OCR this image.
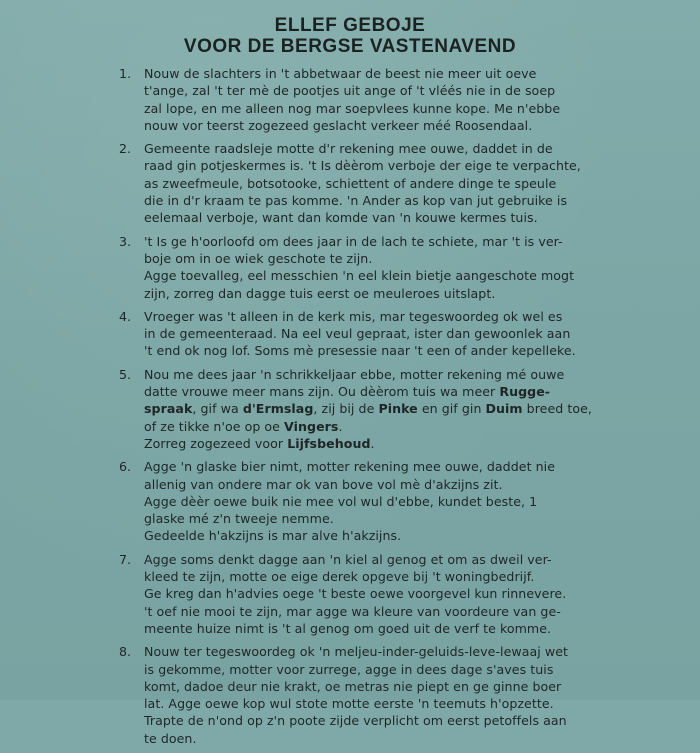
ELLEF GEBOJE
VOOR DE BERGSE VASTENAVEND
1. Nouw de slachters in 't abbetwaar de beest nie meer uit oeve
t'ange, zal 't ter mè de pootjes uit ange of 't vléés nie in de soep
zal lope, en me alleen nog mar soepvlees kunne kope. Me n'ebbe
nouw vor teerst zogezeed geslacht verkeer méé Roosendaal.
2. Gemeente raadsleje motte d'r rekening mee ouwe, daddet in de
raad gin potjeskermes is. 't Is dèèrom verboje der eige te verpachte,
as zweefmeule, botsotooke, schiettent of andere dinge te speule
die in d'r kraam te pas komme. 'n Ander as kop van jut gebruike is
eelemaal verboje, want dan komde van 'n kouwe kermes tuis.
3. 't Is ge h'oorloofd om dees jaar in de lach te schiete, mar 't is ver-
boje om in oe wiek geschote te zijn.
Agge toevalleg, eel messchien 'n eel klein bietje aangeschote mogt
zijn, zorreg dan dagge tuis eerst oe meuleroes uitslapt.
4. Vroeger was 't alleen in de kerk mis, mar tegeswoordeg ok wel es
in de gemeenteraad. Na eel veul gepraat, ister dan gewoonlek aan
't end ok nog lof. Soms mè presessie naar 't een of ander kepelleke.
5. Nou me dees jaar 'n schrikkeljaar ebbe, motter rekening mé ouwe
datte vrouwe meer mans zijn. Ou dèèrom tuis wa meer Rugge-
spraak, gif wa d'Ermslag, zij bij de Pinke en gif gin Duim breed toe,
of ze tikke n'oe op oe Vingers.
Zorreg zogezeed voor Lijfsbehoud.
6. Agge 'n glaske bier nimt, motter rekening mee ouwe, daddet nie
allenig van ondere mar ok van bove vol mè d'akzijns zit.
Agge dèèr oewe buik nie mee vol wul d'ebbe, kundet beste, 1
glaske mé z'n tweeje nemme.
Gedeelde h'akzijns is mar alve h'akzijns.
7. Agge soms denkt dagge aan 'n kiel al genog et om as dweil ver-
kleed te zijn, motte oe eige derek opgeve bij 't woningbedrijf.
Ge kreg dan h'advies oege 't beste oewe voorgevel kun rinnevere.
't oef nie mooi te zijn, mar agge wa kleure van voordeure van ge-
meente huize nimt is 't al genog om goed uit de verf te komme.
8. Nouw ter tegeswoordeg ok 'n meljeu-inder-geluids-leve-lewaaj wet
is gekomme, motter voor zurrege, agge in dees dage s'aves tuis
komt, dadoe deur nie krakt, oe metras nie piept en ge ginne boer
lat. Agge oewe kop wul stote motte eerste 'n teemuts h'opzette.
Trapte de n'ond op z'n poote zijde verplicht om eerst petoffels aan
te doen.
